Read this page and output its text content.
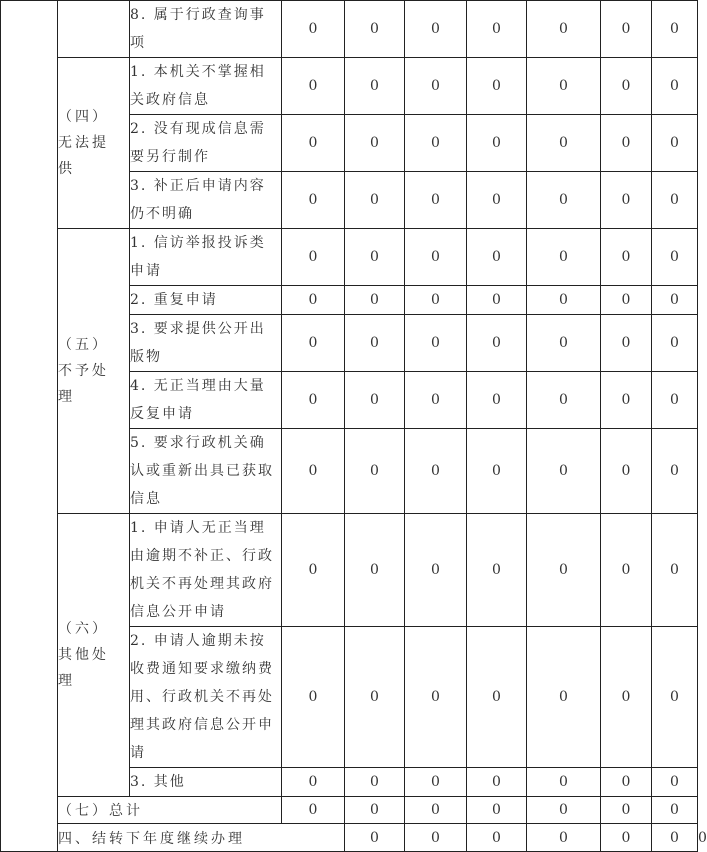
		8. 属于行政查询事项	0	0	0	0	0	0	0	

	（四）
无法提
供	1. 本机关不掌握相关政府信息	0	0	0	0	0	0	0	
		2. 没有现成信息需要另行制作	0	0	0	0	0	0	0	
		3. 补正后申请内容仍不明确	0	0	0	0	0	0	0	

	（五）
不予处
理	1. 信访举报投诉类申请	0	0	0	0	0	0	0	
		2. 重复申请	0	0	0	0	0	0	0	
		3. 要求提供公开出版物	0	0	0	0	0	0	0	
		4. 无正当理由大量反复申请	0	0	0	0	0	0	0	
		5. 要求行政机关确认或重新出具已获取信息	0	0	0	0	0	0	0	

	（六）
其他处
理	1. 申请人无正当理由逾期不补正、行政机关不再处理其政府信息公开申请	0	0	0	0	0	0	0	
		2. 申请人逾期未按收费通知要求缴纳费用、行政机关不再处理其政府信息公开申请	0	0	0	0	0	0	0	
		3. 其他	0	0	0	0	0	0	0	
	（七）总计		0	0	0	0	0	0	0	
	四、结转下年度继续办理			0	0	0	0	0	0	0
